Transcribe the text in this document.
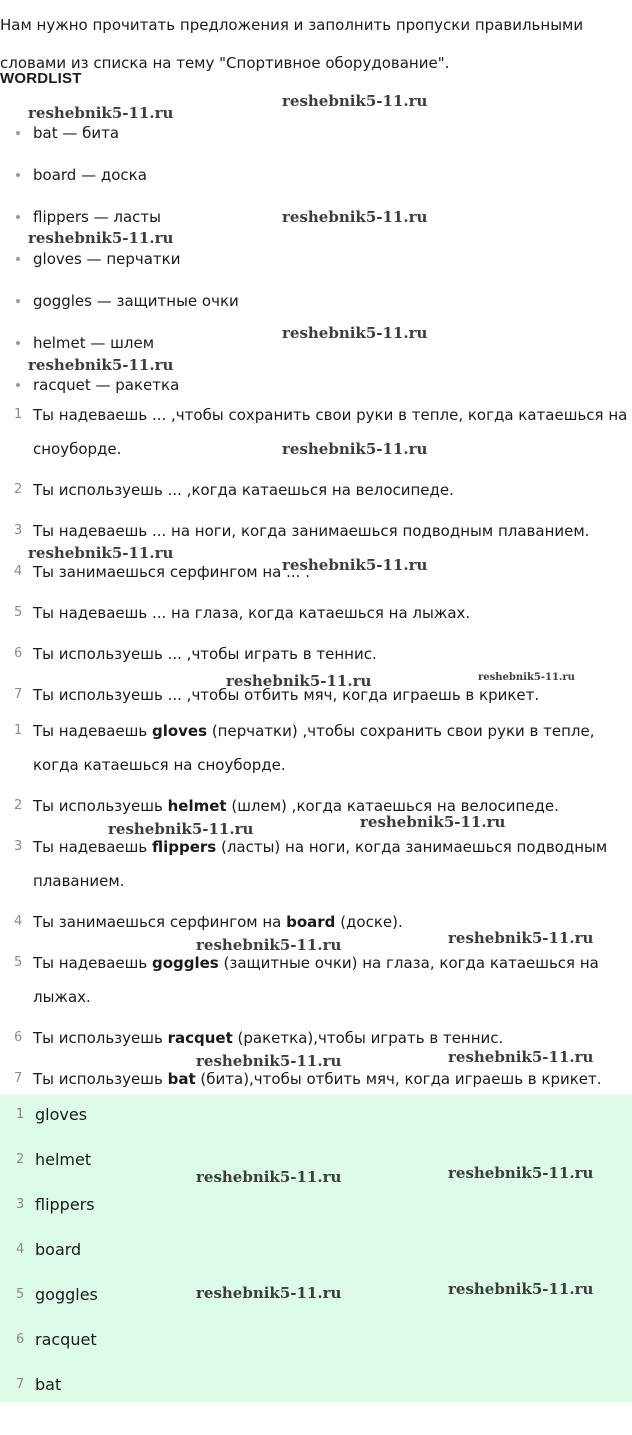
Нам нужно прочитать предложения и заполнить пропуски правильными словами из списка на тему "Спортивное оборудование".

WORDLIST
bat — бита
board — доска
flippers — ласты
gloves — перчатки
goggles — защитные очки
helmet — шлем
racquet — ракетка
1 Ты надеваешь ... ,чтобы сохранить свои руки в тепле, когда катаешься на сноуборде.
2 Ты используешь ... ,когда катаешься на велосипеде.
3 Ты надеваешь ... на ноги, когда занимаешься подводным плаванием.
4 Ты занимаешься серфингом на ... .
5 Ты надеваешь ... на глаза, когда катаешься на лыжах.
6 Ты используешь ... ,чтобы играть в теннис.
7 Ты используешь ... ,чтобы отбить мяч, когда играешь в крикет.
1 Ты надеваешь gloves (перчатки) ,чтобы сохранить свои руки в тепле, когда катаешься на сноуборде.
2 Ты используешь helmet (шлем) ,когда катаешься на велосипеде.
3 Ты надеваешь flippers (ласты) на ноги, когда занимаешься подводным плаванием.
4 Ты занимаешься серфингом на board (доске).
5 Ты надеваешь goggles (защитные очки) на глаза, когда катаешься на лыжах.
6 Ты используешь racquet (ракетка),чтобы играть в теннис.
7 Ты используешь bat (бита),чтобы отбить мяч, когда играешь в крикет.
1 gloves
2 helmet
3 flippers
4 board
5 goggles
6 racquet
7 bat
reshebnik5-11.ru
reshebnik5-11.ru
reshebnik5-11.ru
reshebnik5-11.ru
reshebnik5-11.ru
reshebnik5-11.ru
reshebnik5-11.ru
reshebnik5-11.ru
reshebnik5-11.ru
reshebnik5-11.ru	reshebnik5-11.ru
reshebnik5-11.ru	reshebnik5-11.ru
reshebnik5-11.ru	reshebnik5-11.ru
reshebnik5-11.ru	reshebnik5-11.ru
reshebnik5-11.ru	reshebnik5-11.ru
reshebnik5-11.ru	reshebnik5-11.ru
